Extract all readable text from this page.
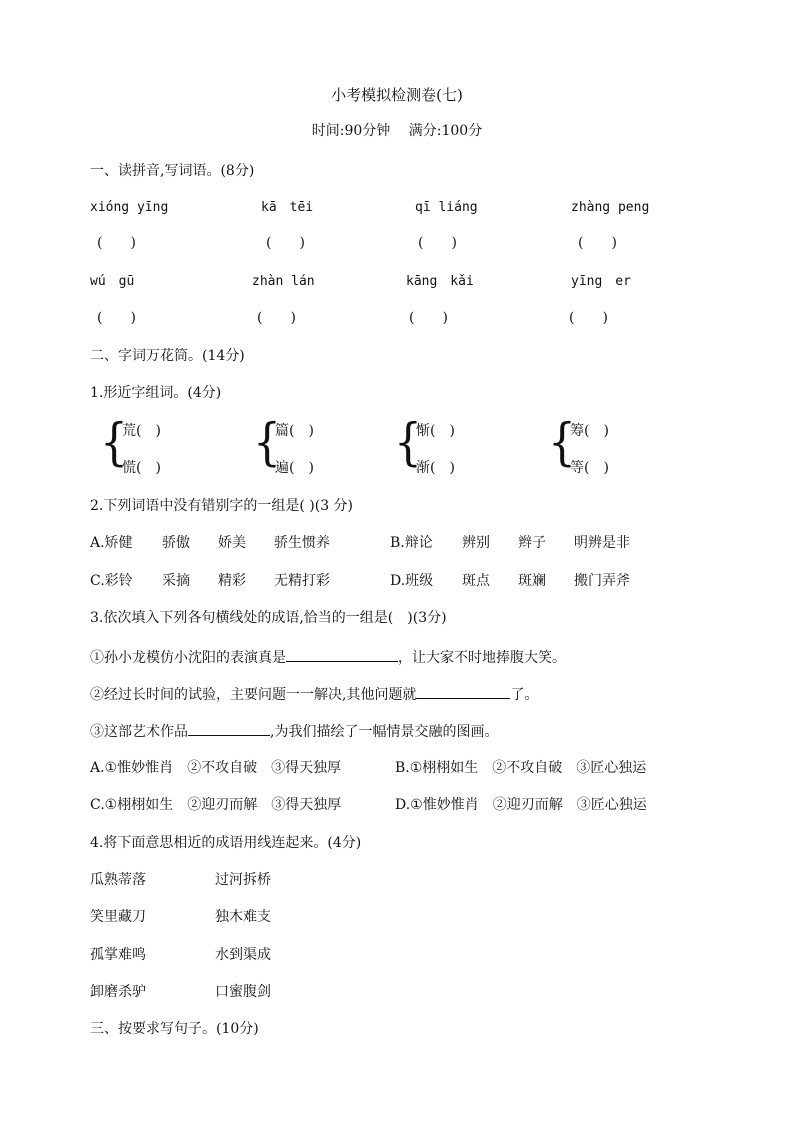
小考模拟检测卷(七)
时间:90分钟　 满分:100分
一、读拼音,写词语。(8分)
xióng yīng	kā　tēi	qī liáng	zhàng peng
(　　)	(　　)	(　　)	(　　)
wú　gū	zhàn lán	kāng　kǎi	yīng　er
(　　)	(　　)	(　　)	(　　)
二、字词万花筒。(14分)
1.形近字组词。(4分)
{
荒(　)
慌(　) {
篇(　)
遍(　) {
惭(　)
渐(　) {
筹(　)
等(　)
2.下列词语中没有错别字的一组是( )(3 分)
A.矫健 骄傲 娇美 骄生惯养	B.辩论 辨别 辫子 明辨是非
C.彩铃 采摘 精彩 无精打彩	D.班级 斑点 斑斓 搬门弄斧
3.依次填入下列各句横线处的成语,恰当的一组是(　)(3分)
①孙小龙模仿小沈阳的表演真是	，让大家不时地捧腹大笑。
②经过长时间的试验，主要问题一一解决,其他问题就	了。
③这部艺术作品	,为我们描绘了一幅情景交融的图画。
A.①惟妙惟肖　②不攻自破　③得天独厚	B.①栩栩如生　②不攻自破　③匠心独运
C.①栩栩如生　②迎刃而解　③得天独厚	D.①惟妙惟肖　②迎刃而解　③匠心独运
4.将下面意思相近的成语用线连起来。(4分)
瓜熟蒂落	过河拆桥
笑里藏刀	独木难支
孤掌难鸣	水到渠成
卸磨杀驴	口蜜腹剑
三、按要求写句子。(10分)
